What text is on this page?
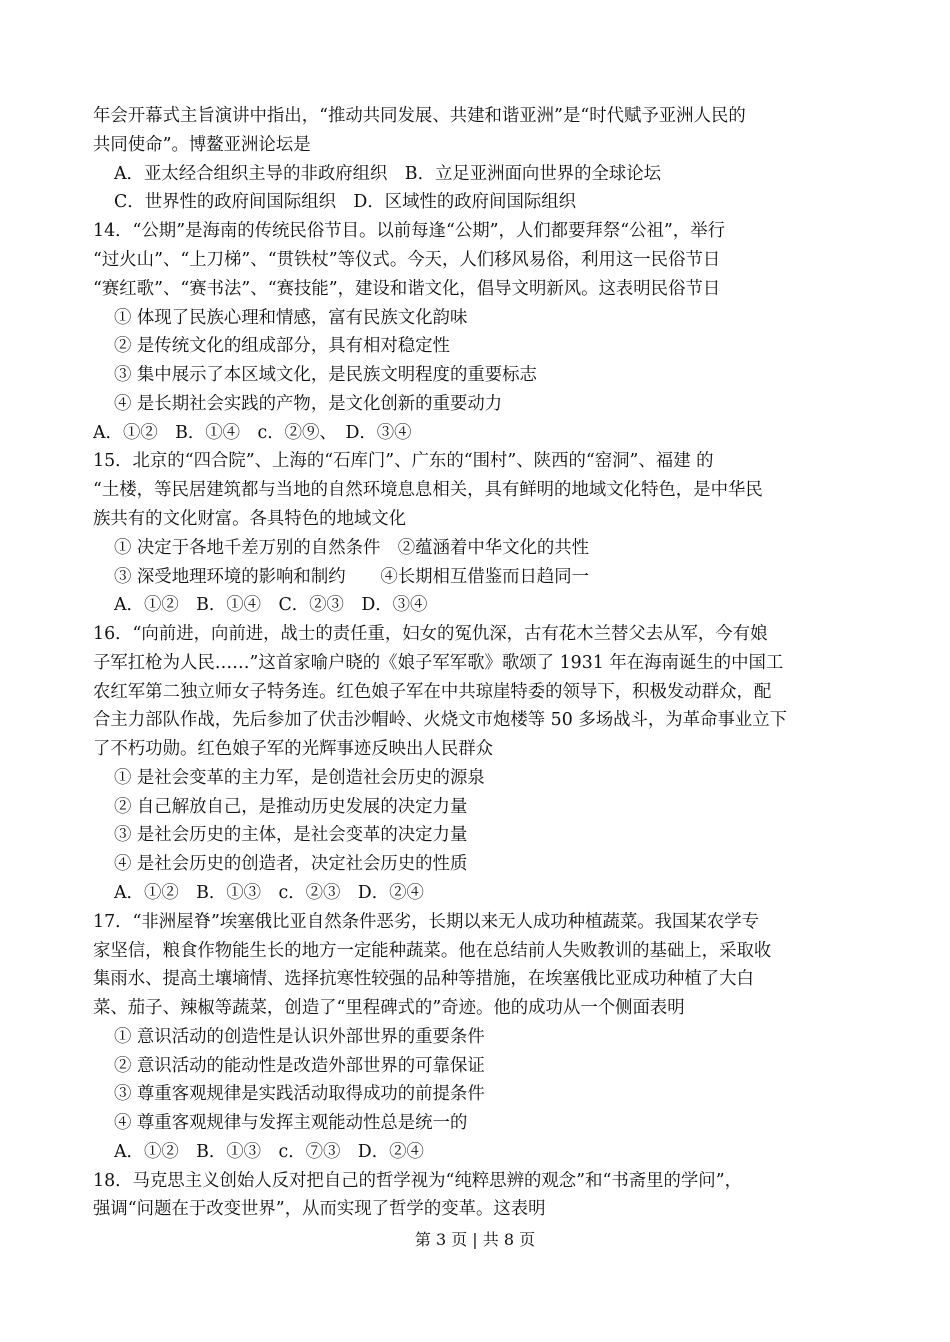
年会开幕式主旨演讲中指出，“推动共同发展、共建和谐亚洲”是“时代赋予亚洲人民的
共同使命”。博鳌亚洲论坛是
A．亚太经合组织主导的非政府组织　B．立足亚洲面向世界的全球论坛
C．世界性的政府间国际组织　D．区域性的政府间国际组织
14．“公期”是海南的传统民俗节目。以前每逢“公期”，人们都要拜祭“公祖”，举行
“过火山”、“上刀梯”、“贯铁杖”等仪式。今天，人们移风易俗，利用这一民俗节日
“赛红歌”、“赛书法”、“赛技能”，建设和谐文化，倡导文明新风。这表明民俗节日
① 体现了民族心理和情感，富有民族文化韵味
② 是传统文化的组成部分，具有相对稳定性
③ 集中展示了本区域文化，是民族文明程度的重要标志
④ 是长期社会实践的产物，是文化创新的重要动力
A．①②　B．①④　c．②⑨、　D．③④
15．北京的“四合院”、上海的“石库门”、广东的“围村”、陕西的“窑洞”、福建 的
“土楼，等民居建筑都与当地的自然环境息息相关，具有鲜明的地域文化特色，是中华民
族共有的文化财富。各具特色的地域文化
① 决定于各地千差万别的自然条件　②蕴涵着中华文化的共性
③ 深受地理环境的影响和制约　　④长期相互借鉴而日趋同一
A．①②　B．①④　C．②③　D．③④
16．“向前进，向前进，战士的责任重，妇女的冤仇深，古有花木兰替父去从军，今有娘
子军扛枪为人民……”这首家喻户晓的《娘子军军歌》歌颂了 1931 年在海南诞生的中国工
农红军第二独立师女子特务连。红色娘子军在中共琼崖特委的领导下，积极发动群众，配
合主力部队作战，先后参加了伏击沙帽岭、火烧文市炮楼等 50 多场战斗，为革命事业立下
了不朽功勋。红色娘子军的光辉事迹反映出人民群众
① 是社会变革的主力军，是创造社会历史的源泉
② 自己解放自己，是推动历史发展的决定力量
③ 是社会历史的主体，是社会变革的决定力量
④ 是社会历史的创造者，决定社会历史的性质
A．①②　B．①③　c．②③　D．②④
17．“非洲屋脊”埃塞俄比亚自然条件恶劣，长期以来无人成功种植蔬菜。我国某农学专
家坚信，粮食作物能生长的地方一定能种蔬菜。他在总结前人失败教训的基础上，采取收
集雨水、提高土壤墒情、选择抗寒性较强的品种等措施，在埃塞俄比亚成功种植了大白
菜、茄子、辣椒等蔬菜，创造了“里程碑式的”奇迹。他的成功从一个侧面表明
① 意识活动的创造性是认识外部世界的重要条件
② 意识活动的能动性是改造外部世界的可靠保证
③ 尊重客观规律是实践活动取得成功的前提条件
④ 尊重客观规律与发挥主观能动性总是统一的
A．①②　B．①③　c．⑦③　D．②④
18．马克思主义创始人反对把自己的哲学视为“纯粹思辨的观念”和“书斋里的学问”，
强调“问题在于改变世界”，从而实现了哲学的变革。这表明
第 3 页 | 共 8 页
